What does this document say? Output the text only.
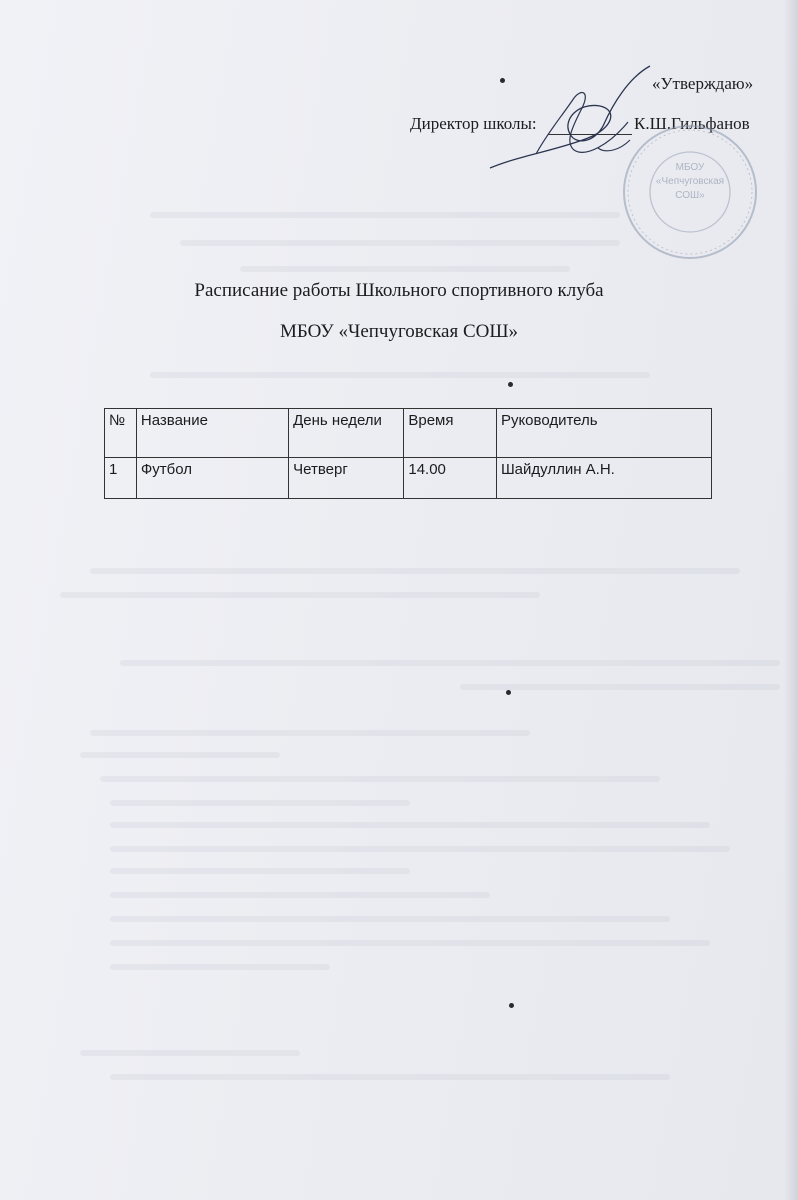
«Утверждаю»
Директор школы:	К.Ш.Гильфанов
МБОУ
«Чепчуговская
СОШ»
Расписание работы Школьного спортивного клуба
МБОУ «Чепчуговская СОШ»
№	Название	День недели	Время	Руководитель
1	Футбол	Четверг	14.00	Шайдуллин А.Н.
